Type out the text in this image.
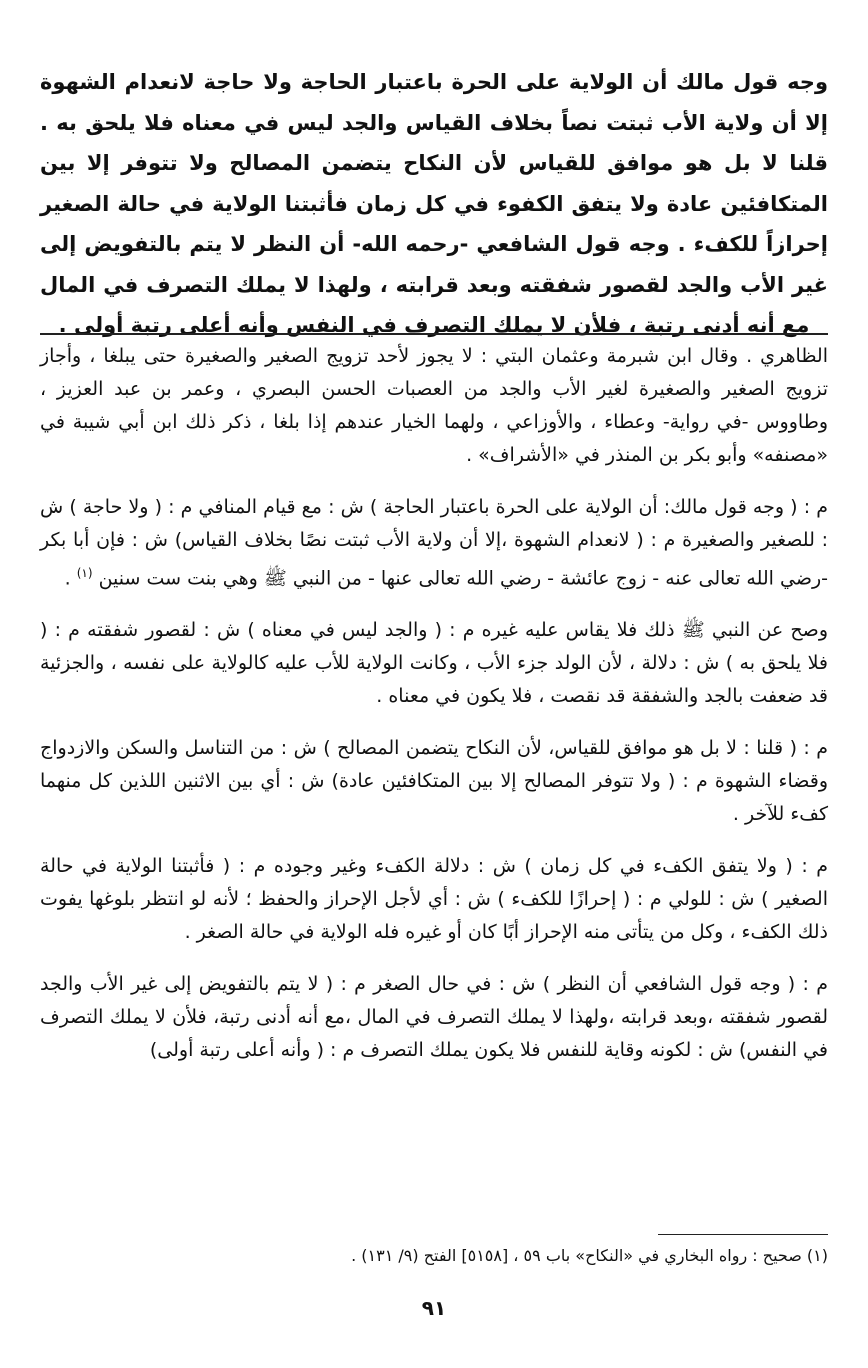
وجه قول مالك أن الولاية على الحرة باعتبار الحاجة ولا حاجة لانعدام الشهوة إلا أن ولاية الأب ثبتت نصاً بخلاف القياس والجد ليس في معناه فلا يلحق به . قلنا لا بل هو موافق للقياس لأن النكاح يتضمن المصالح ولا تتوفر إلا بين المتكافئين عادة ولا يتفق الكفوء في كل زمان فأثبتنا الولاية في حالة الصغير إحرازاً للكفء . وجه قول الشافعي -رحمه الله- أن النظر لا يتم بالتفويض إلى غير الأب والجد لقصور شفقته وبعد قرابته ، ولهذا لا يملك التصرف في المال مع أنه أدنى رتبة ، فلأن لا يملك التصرف في النفس وأنه أعلى رتبة أولى .

الظاهري . وقال ابن شبرمة وعثمان البتي : لا يجوز لأحد تزويج الصغير والصغيرة حتى يبلغا ، وأجاز تزويج الصغير والصغيرة لغير الأب والجد من العصبات الحسن البصري ، وعمر بن عبد العزيز ، وطاووس -في رواية- وعطاء ، والأوزاعي ، ولهما الخيار عندهم إذا بلغا ، ذكر ذلك ابن أبي شيبة في «مصنفه» وأبو بكر بن المنذر في «الأشراف» .

م : ( وجه قول مالك: أن الولاية على الحرة باعتبار الحاجة ) ش : مع قيام المنافي م : ( ولا حاجة ) ش : للصغير والصغيرة م : ( لانعدام الشهوة ،إلا أن ولاية الأب ثبتت نصًا بخلاف القياس) ش : فإن أبا بكر -رضي الله تعالى عنه - زوج عائشة - رضي الله تعالى عنها - من النبي ﷺ وهي بنت ست سنين $^{(١)}$ .

وصح عن النبي ﷺ ذلك فلا يقاس عليه غيره م : ( والجد ليس في معناه ) ش : لقصور شفقته م : ( فلا يلحق به ) ش : دلالة ، لأن الولد جزء الأب ، وكانت الولاية للأب عليه كالولاية على نفسه ، والجزئية قد ضعفت بالجد والشفقة قد نقصت ، فلا يكون في معناه .

م : ( قلنا : لا بل هو موافق للقياس، لأن النكاح يتضمن المصالح ) ش : من التناسل والسكن والازدواج وقضاء الشهوة م : ( ولا تتوفر المصالح إلا بين المتكافئين عادة) ش : أي بين الاثنين اللذين كل منهما كفء للآخر .

م : ( ولا يتفق الكفء في كل زمان ) ش : دلالة الكفء وغير وجوده م : ( فأثبتنا الولاية في حالة الصغير ) ش : للولي م : ( إحرازًا للكفء ) ش : أي لأجل الإحراز والحفظ ؛ لأنه لو انتظر بلوغها يفوت ذلك الكفء ، وكل من يتأتى منه الإحراز أبًا كان أو غيره فله الولاية في حالة الصغر .

م : ( وجه قول الشافعي أن النظر ) ش : في حال الصغر م : ( لا يتم بالتفويض إلى غير الأب والجد لقصور شفقته ،وبعد قرابته ،ولهذا لا يملك التصرف في المال ،مع أنه أدنى رتبة، فلأن لا يملك التصرف في النفس) ش : لكونه وقاية للنفس فلا يكون يملك التصرف م : ( وأنه أعلى رتبة أولى)

(١) صحيح : رواه البخاري في «النكاح» باب ٥٩ ، [٥١٥٨] الفتح (٩/ ١٣١) .
٩١
